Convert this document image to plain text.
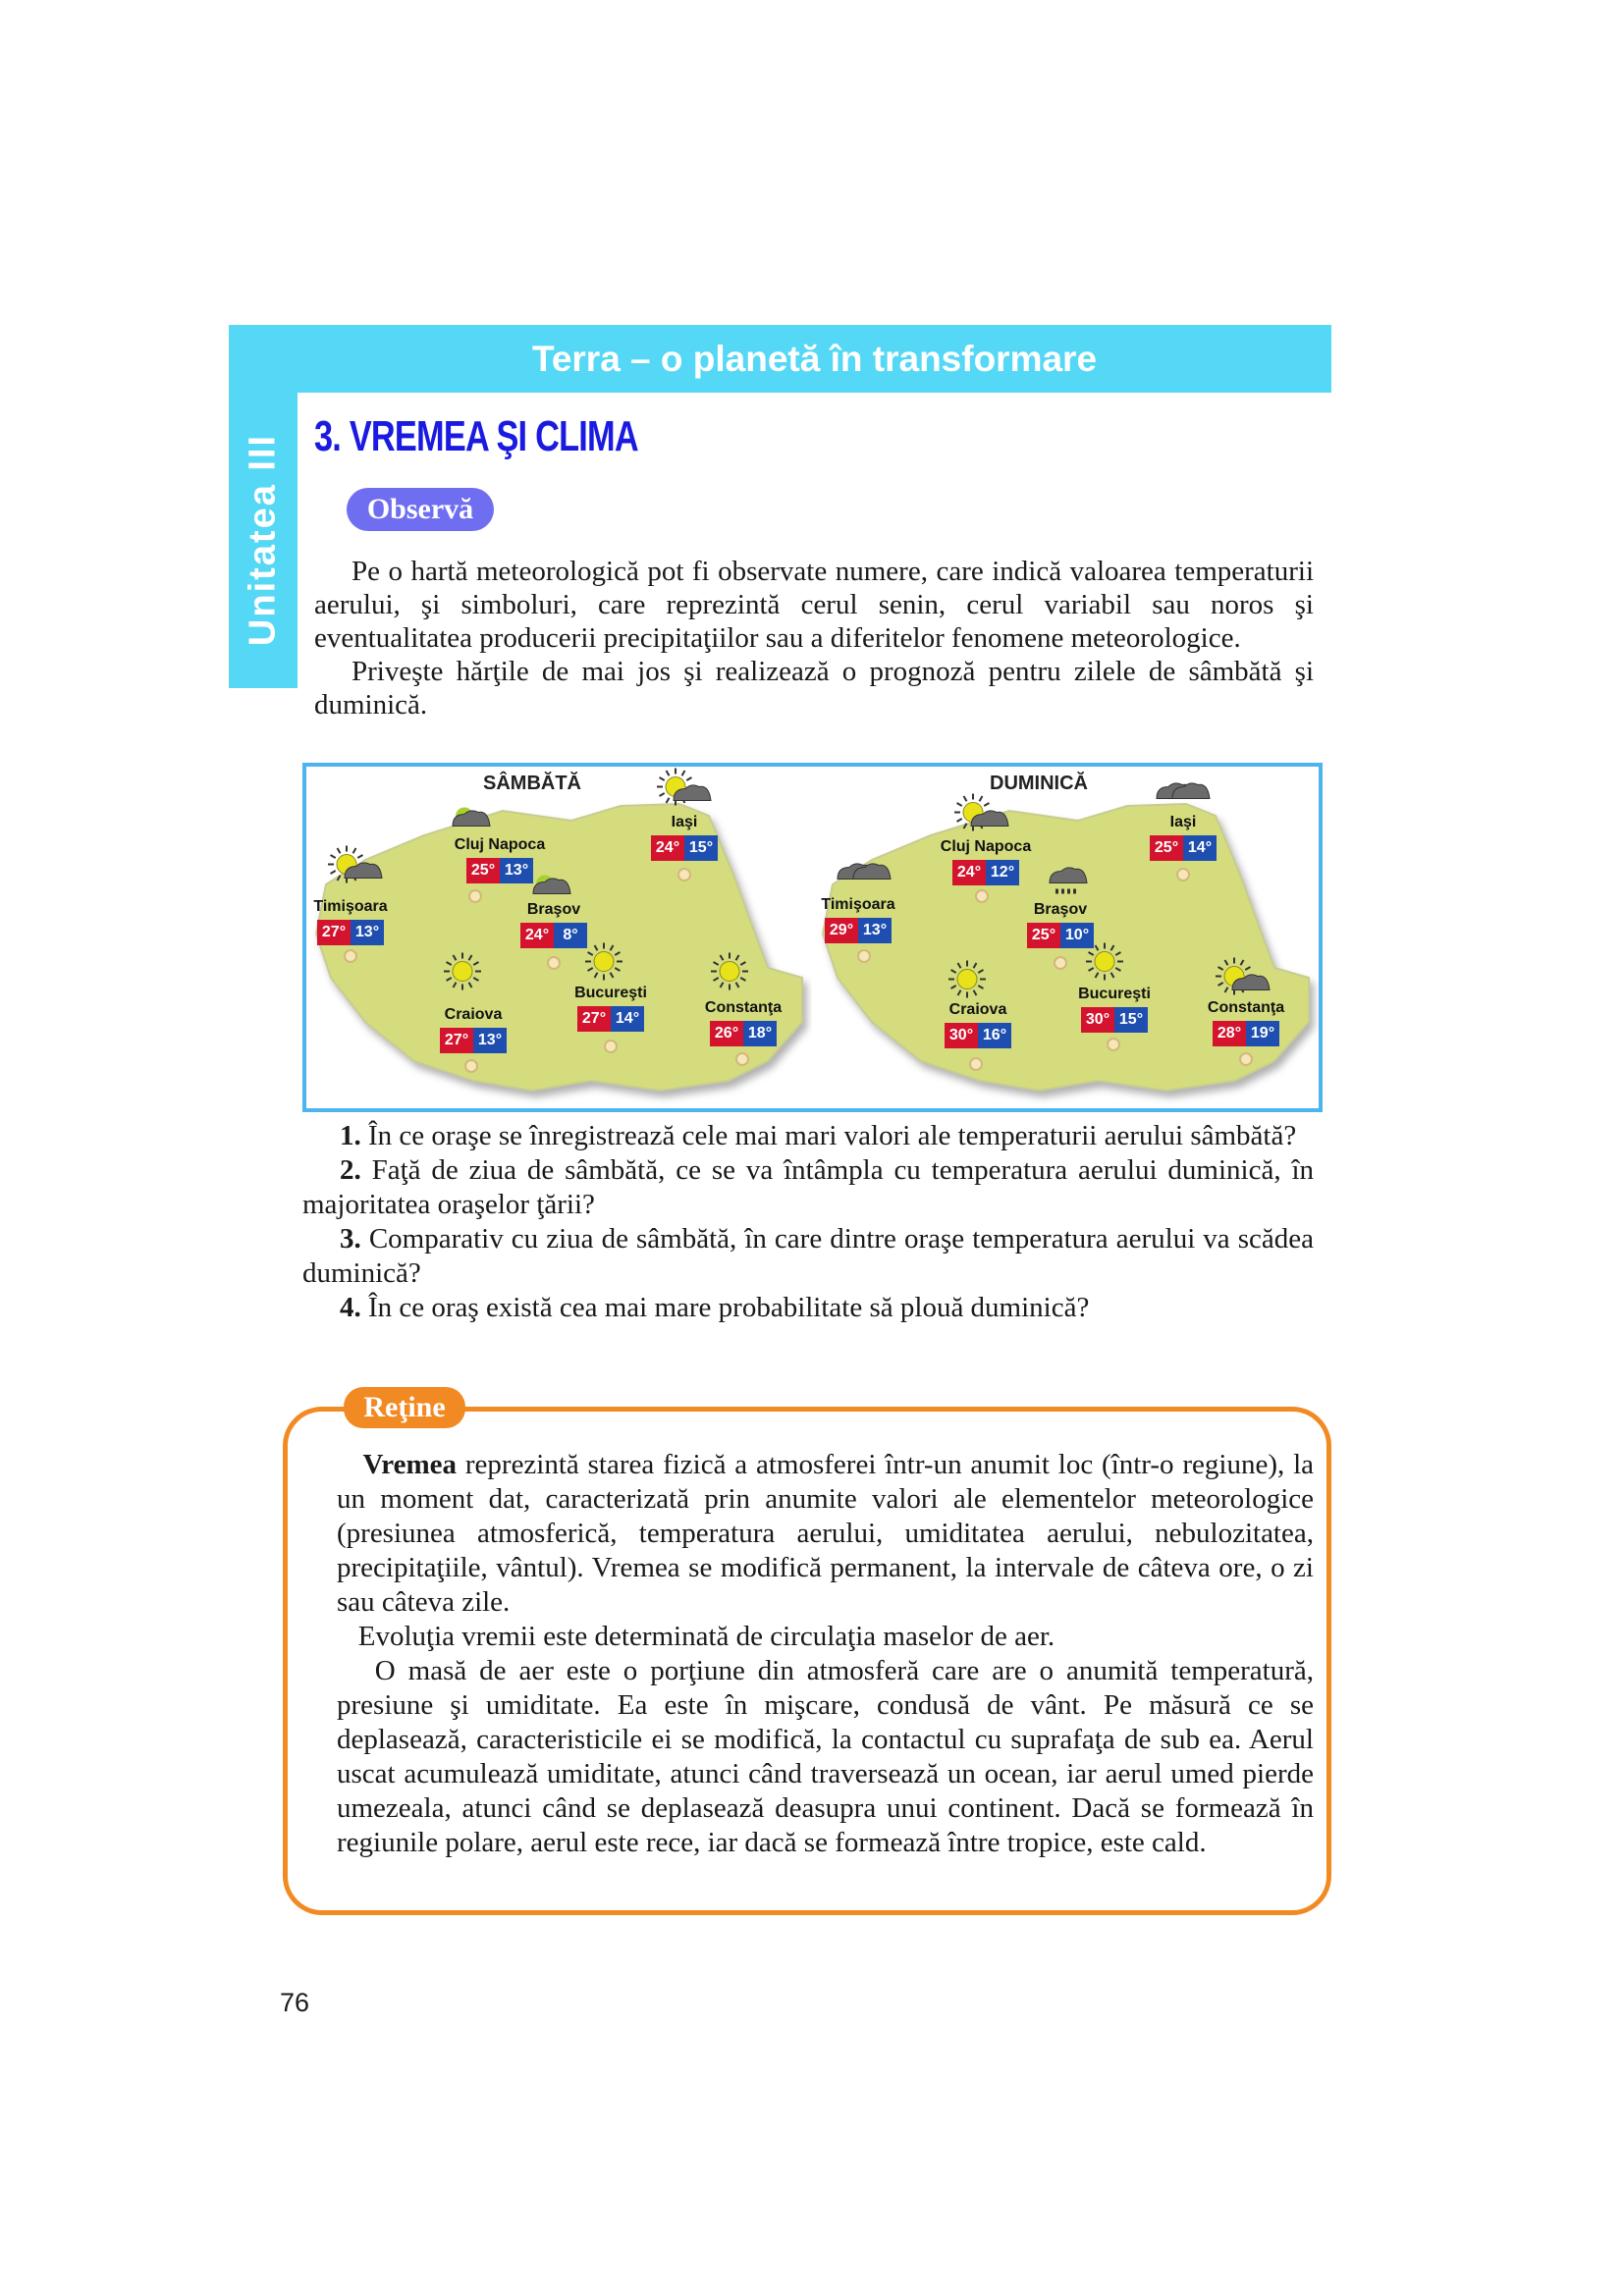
Terra – o planetă în transformare
Unitatea III 3. VREMEA ŞI CLIMA
Observă

Pe o hartă meteorologică pot fi observate numere, care indică valoarea temperaturii aerului, şi simboluri, care reprezintă cerul senin, cerul variabil sau noros şi eventualitatea producerii precipitaţiilor sau a diferitelor fenomene meteorologice.

Priveşte hărţile de mai jos şi realizează o prognoză pentru zilele de sâmbătă şi duminică.

SÂMBĂTĂ
Timişoara
27° 13°
Cluj Napoca
25° 13°
Iaşi
24° 15°
Braşov
24° 8°
Craiova
27° 13°
Bucureşti
27° 14°
Constanţa
26° 18°
DUMINICĂ
Timişoara
29° 13°
Cluj Napoca
24° 12°
Iaşi
25° 14°
Braşov
25° 10°
Craiova
30° 16°
Bucureşti
30° 15°
Constanţa
28° 19°

1. În ce oraşe se înregistrează cele mai mari valori ale temperaturii aerului sâmbătă?

2. Faţă de ziua de sâmbătă, ce se va întâmpla cu temperatura aerului duminică, în majoritatea oraşelor ţării?

3. Comparativ cu ziua de sâmbătă, în care dintre oraşe temperatura aerului va scădea duminică?

4. În ce oraş există cea mai mare probabilitate să plouă duminică?

Reţine

Vremea reprezintă starea fizică a atmosferei într-un anumit loc (într-o regiune), la un moment dat, caracterizată prin anumite valori ale elementelor meteorologice (presiunea atmosferică, temperatura aerului, umiditatea aerului, nebulozitatea, precipitaţiile, vântul). Vremea se modifică permanent, la intervale de câteva ore, o zi sau câteva zile.

Evoluţia vremii este determinată de circulaţia maselor de aer.

O masă de aer este o porţiune din atmosferă care are o anumită temperatură, presiune şi umiditate. Ea este în mişcare, condusă de vânt. Pe măsură ce se deplasează, caracteristicile ei se modifică, la contactul cu suprafaţa de sub ea. Aerul uscat acumulează umiditate, atunci când traversează un ocean, iar aerul umed pierde umezeala, atunci când se deplasează deasupra unui continent. Dacă se formează în regiunile polare, aerul este rece, iar dacă se formează între tropice, este cald.

76
